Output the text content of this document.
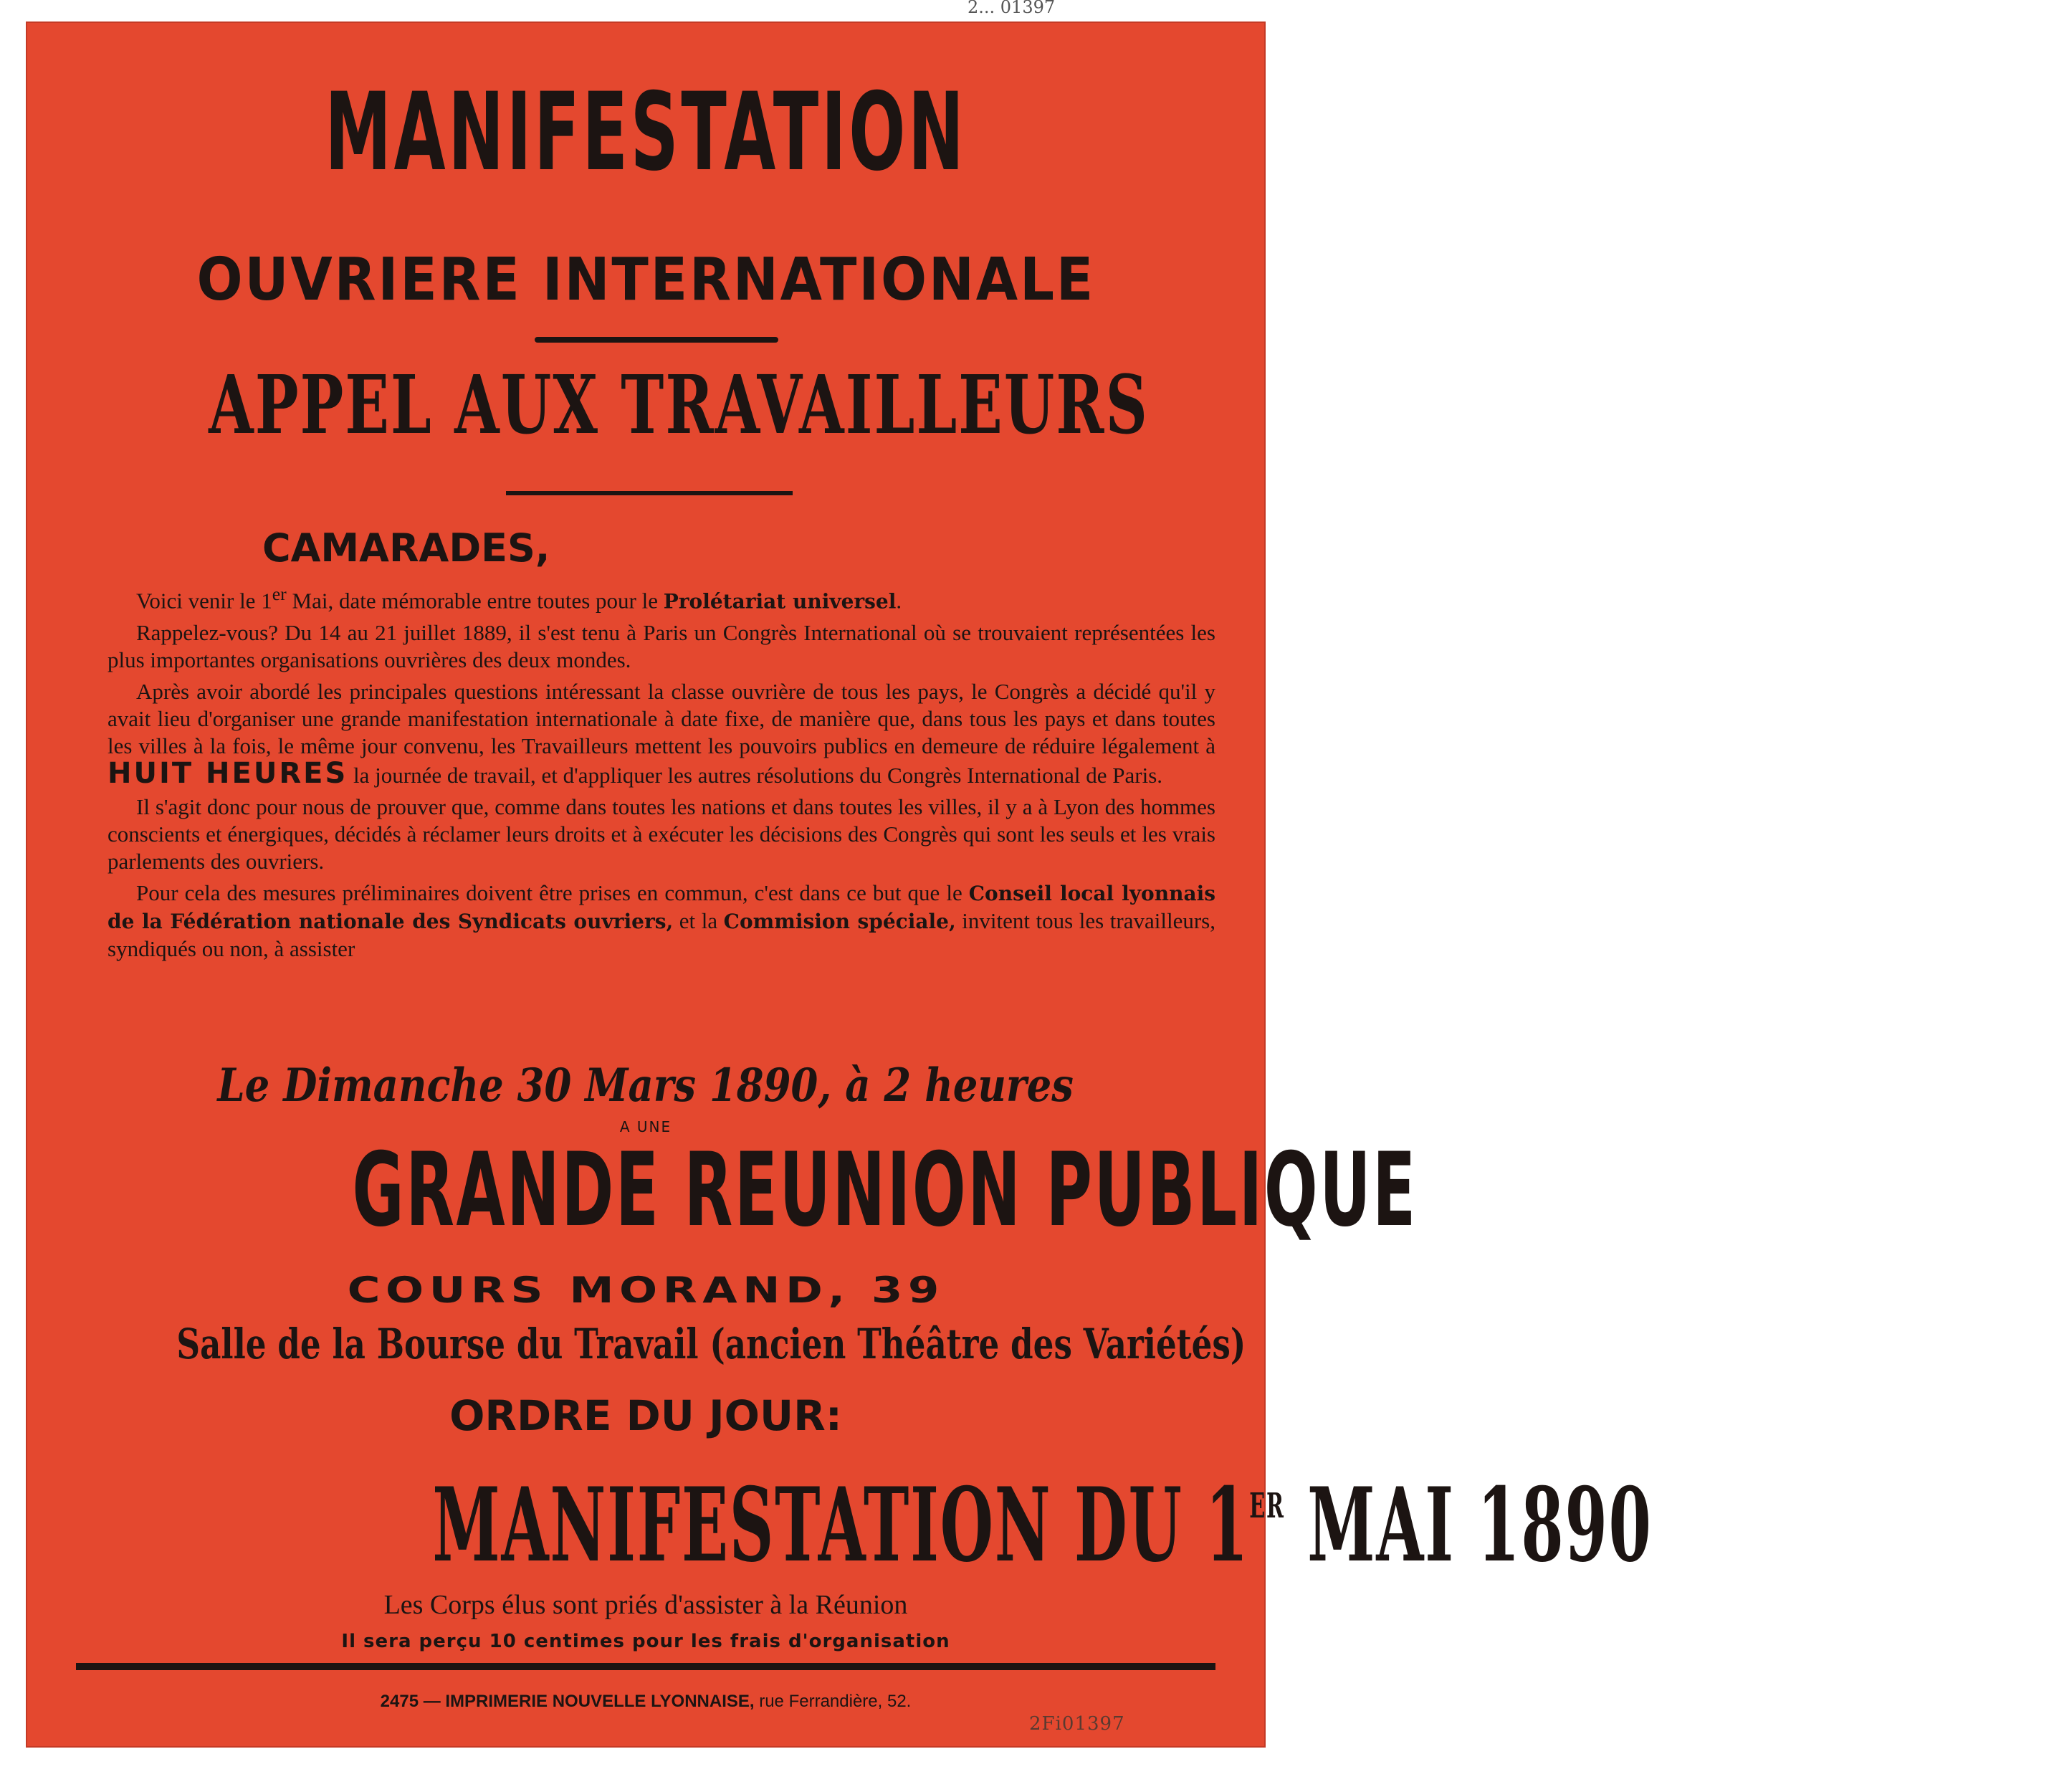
2... 01397
MANIFESTATION
OUVRIERE INTERNATIONALE
APPEL AUX TRAVAILLEURS
CAMARADES,

Voici venir le 1er Mai, date mémorable entre toutes pour le Prolétariat universel.

Rappelez-vous? Du 14 au 21 juillet 1889, il s'est tenu à Paris un Congrès International où se trouvaient représentées les plus importantes organisations ouvrières des deux mondes.

Après avoir abordé les principales questions intéressant la classe ouvrière de tous les pays, le Congrès a décidé qu'il y avait lieu d'organiser une grande manifestation internationale à date fixe, de manière que, dans tous les pays et dans toutes les villes à la fois, le même jour convenu, les Travailleurs mettent les pouvoirs publics en demeure de réduire légalement à HUIT HEURES la journée de travail, et d'appliquer les autres résolutions du Congrès International de Paris.

Il s'agit donc pour nous de prouver que, comme dans toutes les nations et dans toutes les villes, il y a à Lyon des hommes conscients et énergiques, décidés à réclamer leurs droits et à exécuter les décisions des Congrès qui sont les seuls et les vrais parlements des ouvriers.

Pour cela des mesures préliminaires doivent être prises en commun, c'est dans ce but que le Conseil local lyonnais de la Fédération nationale des Syndicats ouvriers, et la Commision spéciale, invitent tous les travailleurs, syndiqués ou non, à assister

Le Dimanche 30 Mars 1890, à 2 heures
A UNE
GRANDE REUNION PUBLIQUE
COURS MORAND, 39
Salle de la Bourse du Travail (ancien Théâtre des Variétés)
ORDRE DU JOUR:
MANIFESTATION DU 1ER MAI 1890
Les Corps élus sont priés d'assister à la Réunion
Il sera perçu 10 centimes pour les frais d'organisation
2475 — IMPRIMERIE NOUVELLE LYONNAISE, rue Ferrandière, 52.
2Fi01397
